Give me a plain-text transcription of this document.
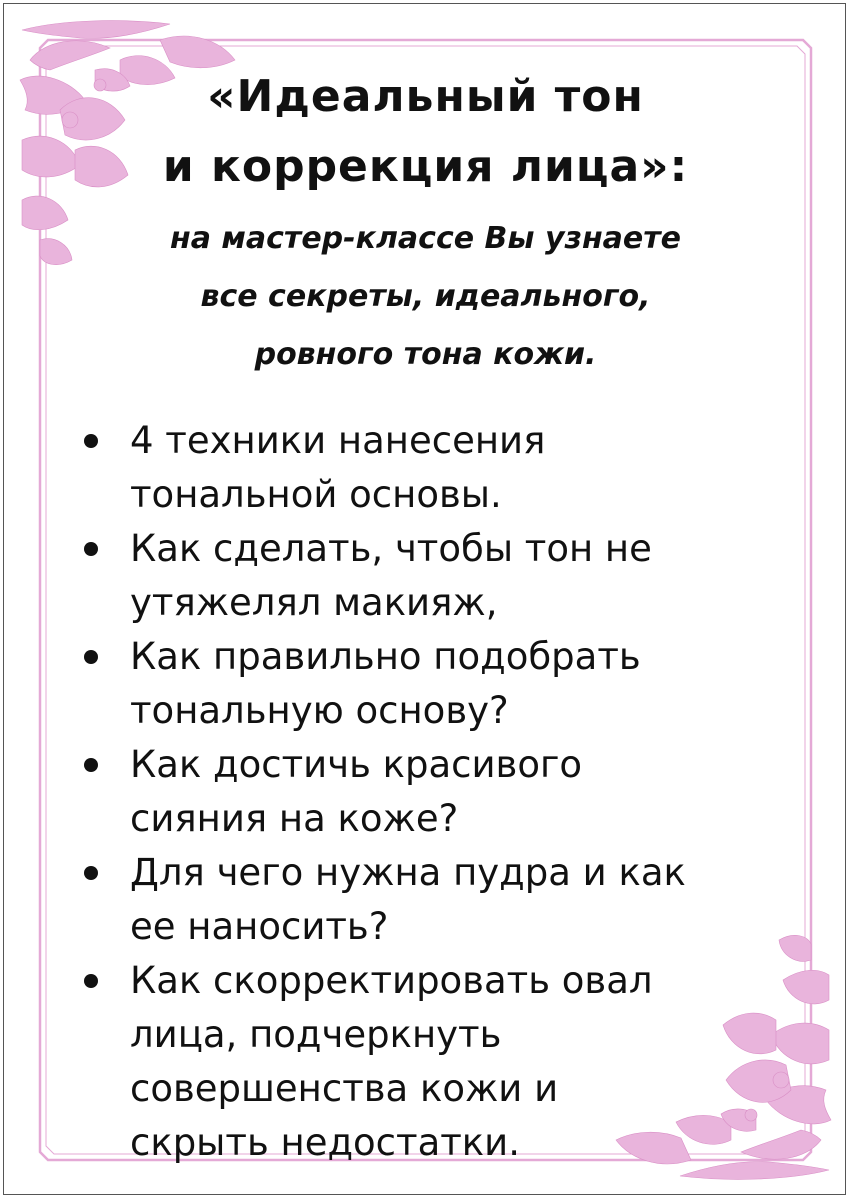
«Идеальный тон
и коррекция лица»:

на мастер-классе Вы узнаете
все секреты, идеального,
ровного тона кожи.

4 техники нанесения
тональной основы.
Как сделать, чтобы тон не
утяжелял макияж,
Как правильно подобрать
тональную основу?
Как достичь красивого
сияния на коже?
Для чего нужна пудра и как
ее наносить?
Как скорректировать овал
лица, подчеркнуть
совершенства кожи и
скрыть недостатки.
